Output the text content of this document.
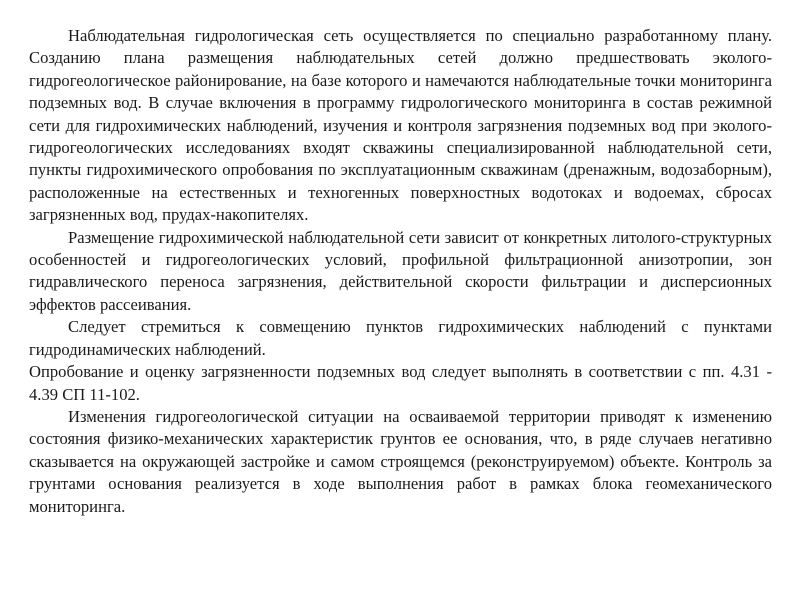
Наблюдательная гидрологическая сеть осуществляется по специально разработанному плану. Созданию плана размещения наблюдательных сетей должно предшествовать эколого-гидрогеологическое районирование, на базе которого и намечаются наблюдательные точки мониторинга подземных вод. В случае включения в программу гидрологического мониторинга в состав режимной сети для гидрохимических наблюдений, изучения и контроля загрязнения подземных вод при эколого-гидрогеологических исследованиях входят скважины специализированной наблюдательной сети, пункты гидрохимического опробования по эксплуатационным скважинам (дренажным, водозаборным), расположенные на естественных и техногенных поверхностных водотоках и водоемах, сбросах загрязненных вод, прудах-накопителях.

Размещение гидрохимической наблюдательной сети зависит от конкретных литолого-структурных особенностей и гидрогеологических условий, профильной фильтрационной анизотропии, зон гидравлического переноса загрязнения, действительной скорости фильтрации и дисперсионных эффектов рассеивания.

Следует стремиться к совмещению пунктов гидрохимических наблюдений с пунктами гидродинамических наблюдений.

Опробование и оценку загрязненности подземных вод следует выполнять в соответствии с пп. 4.31 - 4.39 СП 11-102.

Изменения гидрогеологической ситуации на осваиваемой территории приводят к изменению состояния физико-механических характеристик грунтов ее основания, что, в ряде случаев негативно сказывается на окружающей застройке и самом строящемся (реконструируемом) объекте. Контроль за грунтами основания реализуется в ходе выполнения работ в рамках блока геомеханического мониторинга.
